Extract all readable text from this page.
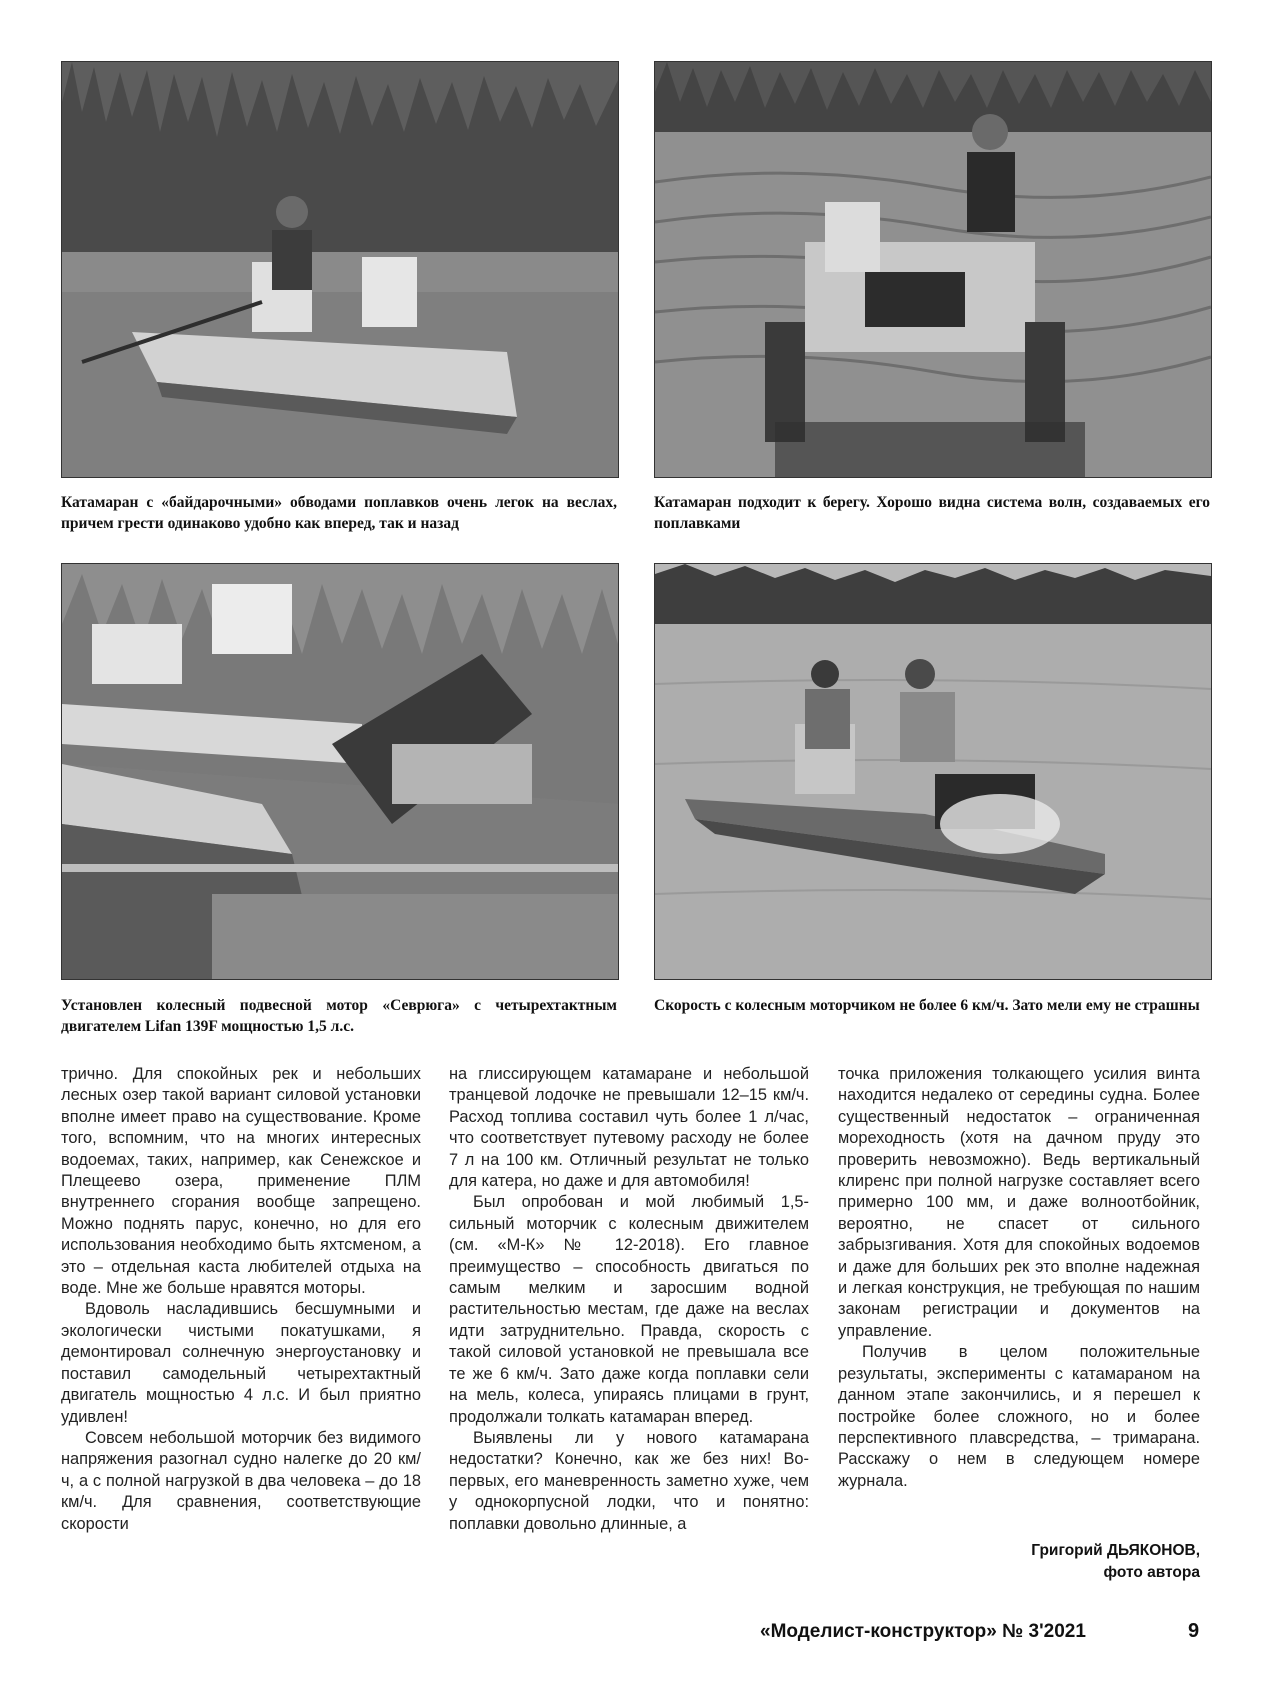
Катамаран с «байдарочными» обводами поплавков очень легок на веслах, причем грести одинаково удобно как вперед, так и назад
Катамаран подходит к берегу. Хорошо видна система волн, создаваемых его поплавками
Установлен колесный подвесной мотор «Севрюга» с четырехтактным двигателем Lifan 139F мощностью 1,5 л.с.
Скорость с колесным моторчиком не более 6 км/ч. Зато мели ему не страшны

трично. Для спокойных рек и небольших лесных озер такой вариант силовой установки вполне имеет право на существование. Кроме того, вспомним, что на многих интересных водоемах, таких, например, как Сенежское и Плещеево озера, применение ПЛМ внутреннего сгорания вообще запрещено. Можно поднять парус, конечно, но для его использования необходимо быть яхтсменом, а это – отдельная каста любителей отдыха на воде. Мне же больше нравятся моторы.

Вдоволь насладившись бесшумными и экологически чистыми покатушками, я демонтировал солнечную энергоустановку и поставил самодельный четырехтактный двигатель мощностью 4 л.с. И был приятно удивлен!

Совсем небольшой моторчик без видимого напряжения разогнал судно налегке до 20 км/ч, а с полной нагрузкой в два человека – до 18 км/ч. Для сравнения, соответствующие скорости

на глиссирующем катамаране и небольшой транцевой лодочке не превышали 12–15 км/ч. Расход топлива составил чуть более 1 л/час, что соответствует путевому расходу не более 7 л на 100 км. Отличный результат не только для катера, но даже и для автомобиля!

Был опробован и мой любимый 1,5-сильный моторчик с колесным движителем (см. «М-К» № 12-2018). Его главное преимущество – способность двигаться по самым мелким и заросшим водной растительностью местам, где даже на веслах идти затруднительно. Правда, скорость с такой силовой установкой не превышала все те же 6 км/ч. Зато даже когда поплавки сели на мель, колеса, упираясь плицами в грунт, продолжали толкать катамаран вперед.

Выявлены ли у нового катамарана недостатки? Конечно, как же без них! Во-первых, его маневренность заметно хуже, чем у однокорпусной лодки, что и понятно: поплавки довольно длинные, а

точка приложения толкающего усилия винта находится недалеко от середины судна. Более существенный недостаток – ограниченная мореходность (хотя на дачном пруду это проверить невозможно). Ведь вертикальный клиренс при полной нагрузке составляет всего примерно 100 мм, и даже волноотбойник, вероятно, не спасет от сильного забрызгивания. Хотя для спокойных водоемов и даже для больших рек это вполне надежная и легкая конструкция, не требующая по нашим законам регистрации и документов на управление.

Получив в целом положительные результаты, эксперименты с катамараном на данном этапе закончились, и я перешел к постройке более сложного, но и более перспективного плавсредства, – тримарана. Расскажу о нем в следующем номере журнала.

Григорий ДЬЯКОНОВ,
фото автора
«Моделист-конструктор» № 3'2021	9
